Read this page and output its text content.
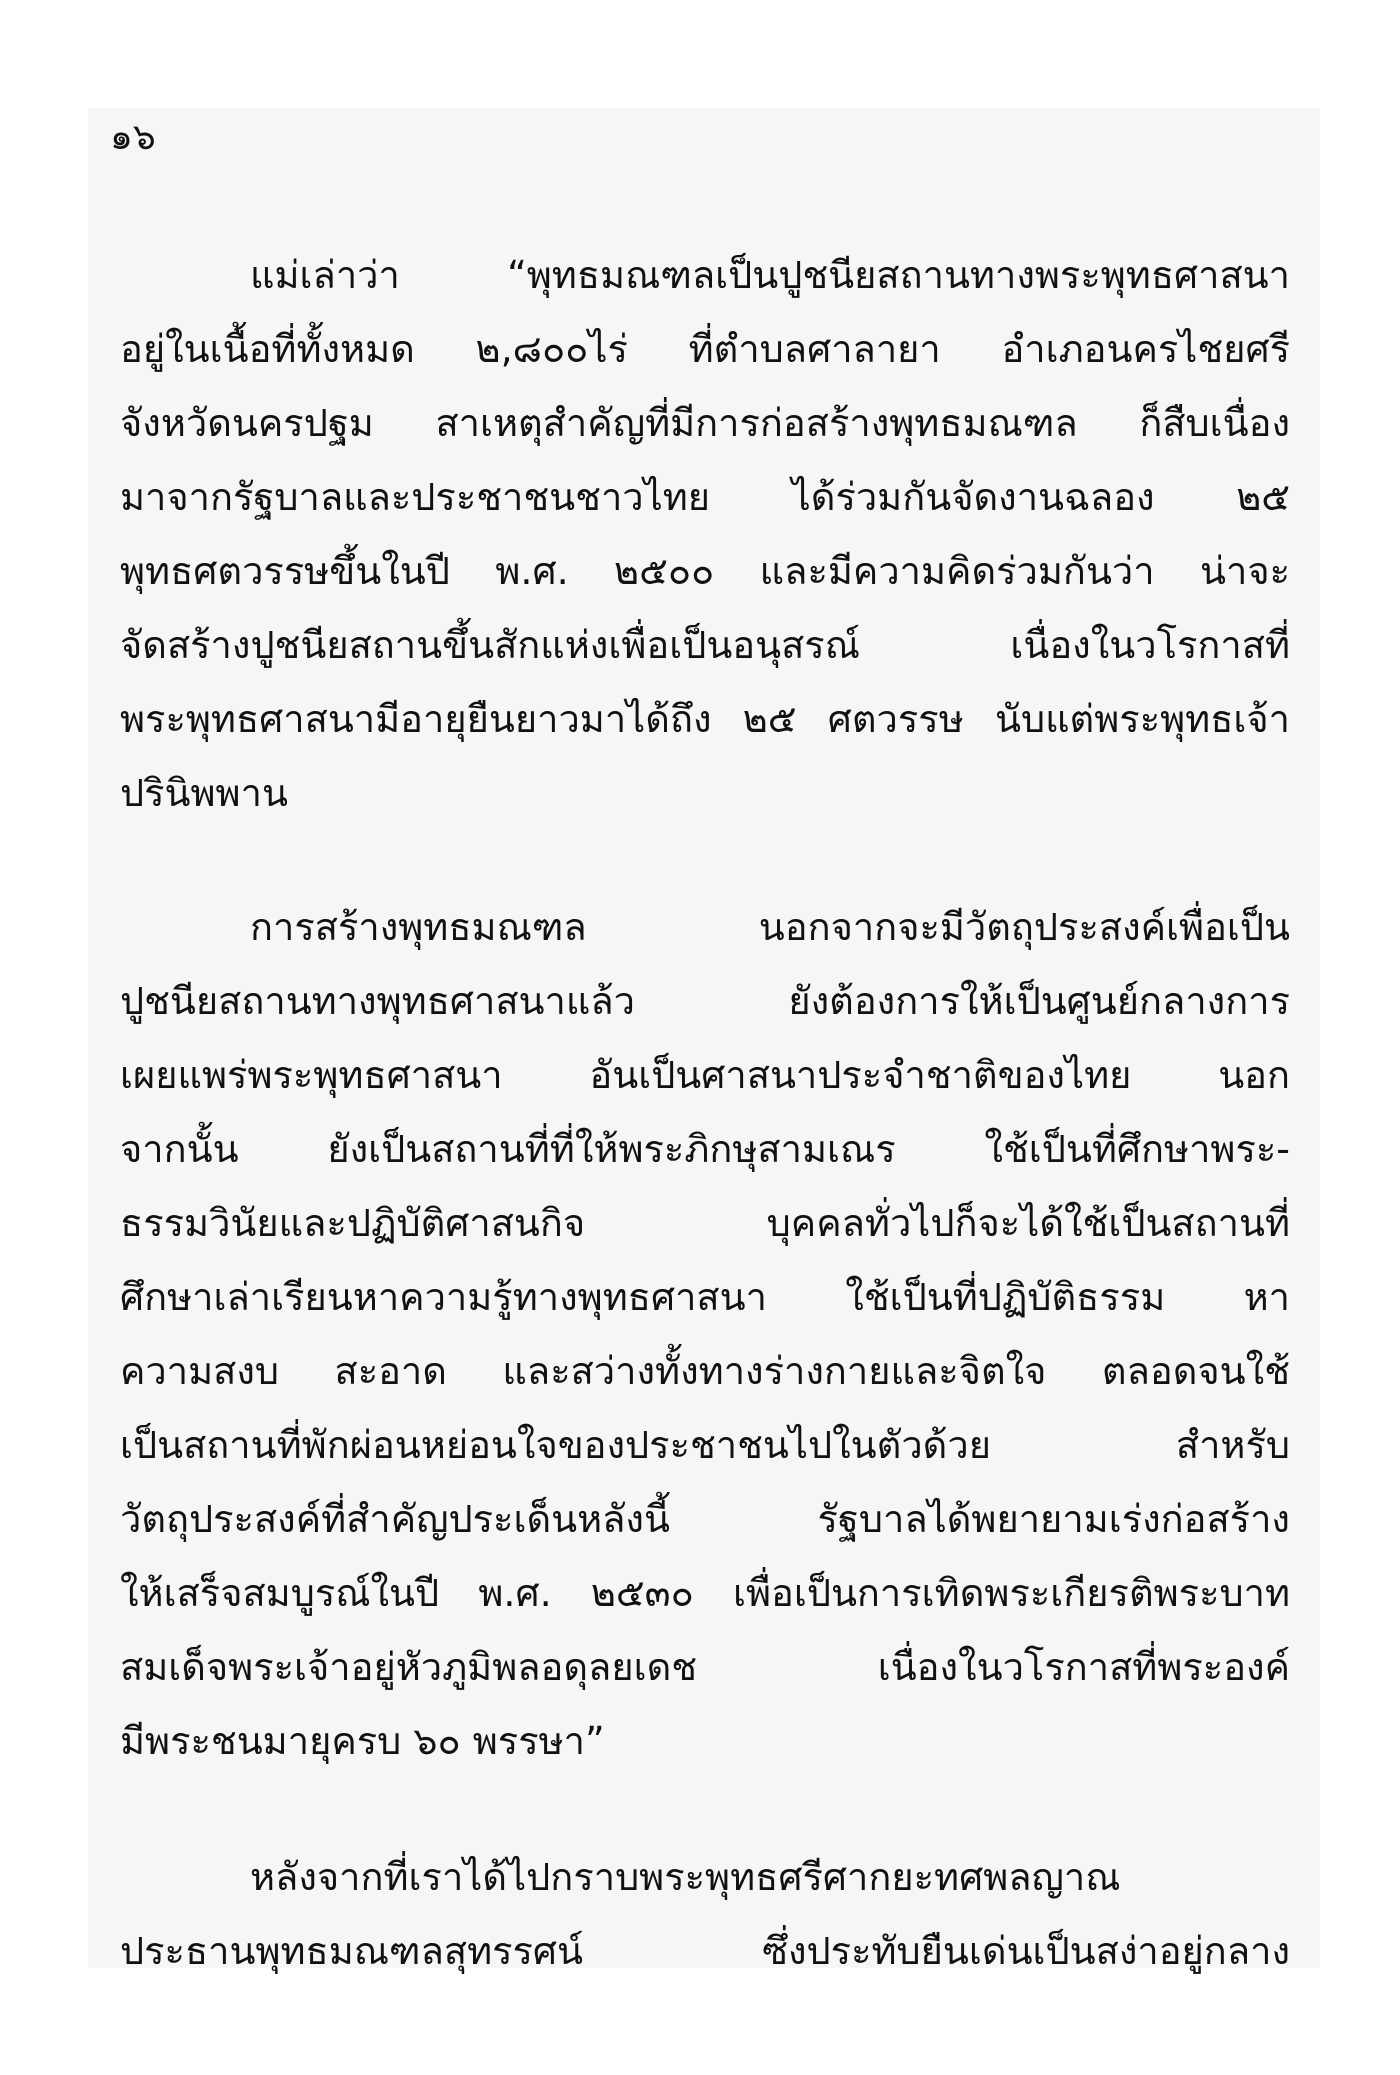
๑๖
แม่เล่าว่า “พุทธมณฑลเป็นปูชนียสถานทางพระพุทธศาสนา
อยู่ในเนื้อที่ทั้งหมด ๒,๘๐๐ไร่ ที่ตำบลศาลายา อำเภอนครไชยศรี
จังหวัดนครปฐม สาเหตุสำคัญที่มีการก่อสร้างพุทธมณฑล ก็สืบเนื่อง
มาจากรัฐบาลและประชาชนชาวไทย ได้ร่วมกันจัดงานฉลอง ๒๕
พุทธศตวรรษขึ้นในปี พ.ศ. ๒๕๐๐ และมีความคิดร่วมกันว่า น่าจะ
จัดสร้างปูชนียสถานขึ้นสักแห่งเพื่อเป็นอนุสรณ์ เนื่องในวโรกาสที่
พระพุทธศาสนามีอายุยืนยาวมาได้ถึง ๒๕ ศตวรรษ นับแต่พระพุทธเจ้า
ปรินิพพาน
การสร้างพุทธมณฑล นอกจากจะมีวัตถุประสงค์เพื่อเป็น
ปูชนียสถานทางพุทธศาสนาแล้ว ยังต้องการให้เป็นศูนย์กลางการ
เผยแพร่พระพุทธศาสนา อันเป็นศาสนาประจำชาติของไทย นอก
จากนั้น ยังเป็นสถานที่ที่ให้พระภิกษุสามเณร ใช้เป็นที่ศึกษาพระ-
ธรรมวินัยและปฏิบัติศาสนกิจ บุคคลทั่วไปก็จะได้ใช้เป็นสถานที่
ศึกษาเล่าเรียนหาความรู้ทางพุทธศาสนา ใช้เป็นที่ปฏิบัติธรรม หา
ความสงบ สะอาด และสว่างทั้งทางร่างกายและจิตใจ ตลอดจนใช้
เป็นสถานที่พักผ่อนหย่อนใจของประชาชนไปในตัวด้วย สำหรับ
วัตถุประสงค์ที่สำคัญประเด็นหลังนี้ รัฐบาลได้พยายามเร่งก่อสร้าง
ให้เสร็จสมบูรณ์ในปี พ.ศ. ๒๕๓๐ เพื่อเป็นการเทิดพระเกียรติพระบาท
สมเด็จพระเจ้าอยู่หัวภูมิพลอดุลยเดช เนื่องในวโรกาสที่พระองค์
มีพระชนมายุครบ ๖๐ พรรษา”
หลังจากที่เราได้ไปกราบพระพุทธศรีศากยะทศพลญาณ
ประธานพุทธมณฑลสุทรรศน์ ซึ่งประทับยืนเด่นเป็นสง่าอยู่กลาง
